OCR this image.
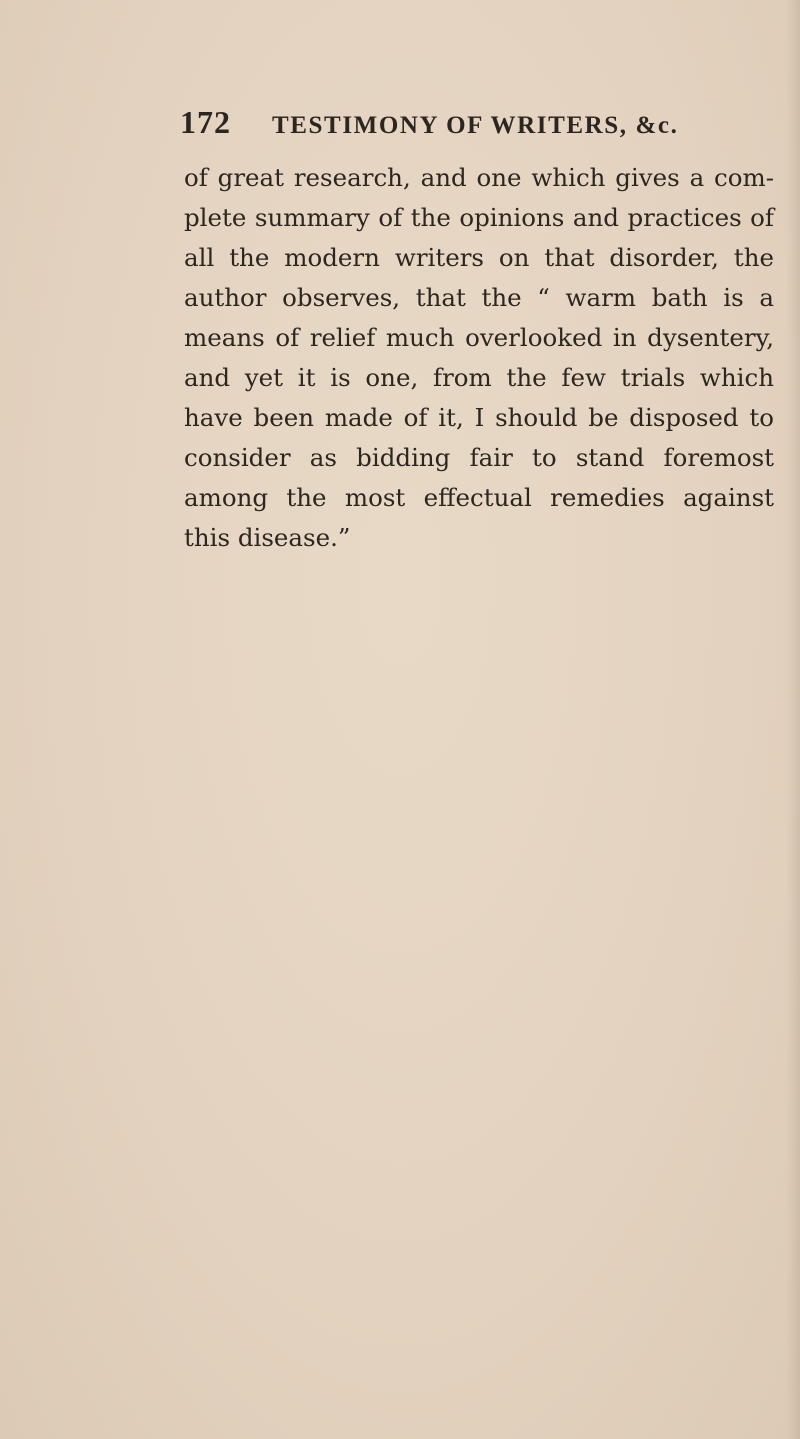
172 TESTIMONY OF WRITERS, &c.
of great research, and one which gives a com-
plete summary of the opinions and practices of
all the modern writers on that disorder, the
author observes, that the “ warm bath is a
means of relief much overlooked in dysentery,
and yet it is one, from the few trials which
have been made of it, I should be disposed to
consider as bidding fair to stand foremost
among the most effectual remedies against
this disease.”
